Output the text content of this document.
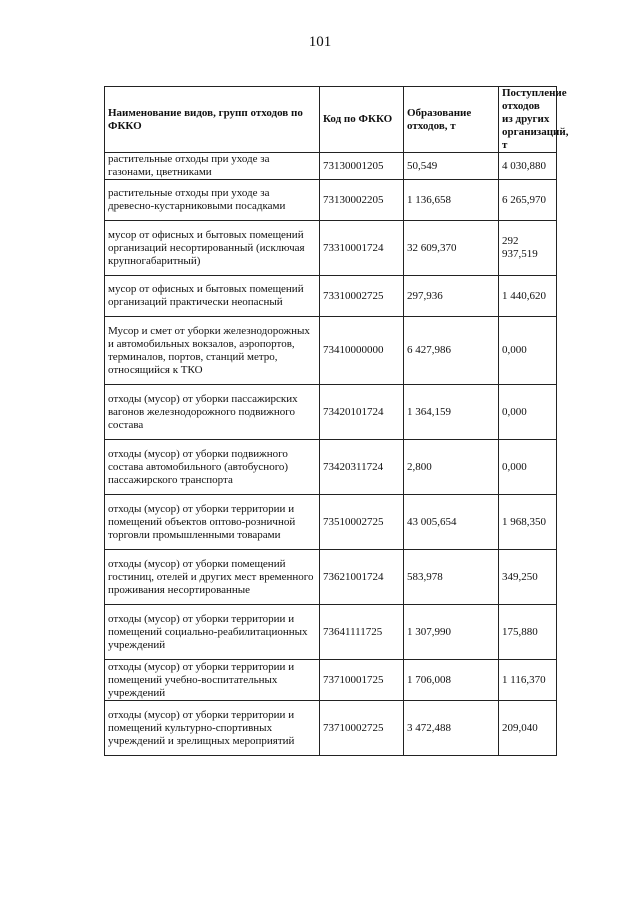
101
Наименование видов, групп отходов по ФККО	Код по ФККО	Образование отходов, т	Поступление отходов из других организаций, т
растительные отходы при уходе за газонами, цветниками	73130001205	50,549	4 030,880
растительные отходы при уходе за древесно-кустарниковыми посадками	73130002205	1 136,658	6 265,970
мусор от офисных и бытовых помещений организаций несортированный (исключая крупногабаритный)	73310001724	32 609,370	292 937,519
мусор от офисных и бытовых помещений организаций практически неопасный	73310002725	297,936	1 440,620
Мусор и смет от уборки железнодорожных и автомобильных вокзалов, аэропортов, терминалов, портов, станций метро, относящийся к ТКО	73410000000	6 427,986	0,000
отходы (мусор) от уборки пассажирских вагонов железнодорожного подвижного состава	73420101724	1 364,159	0,000
отходы (мусор) от уборки подвижного состава автомобильного (автобусного) пассажирского транспорта	73420311724	2,800	0,000
отходы (мусор) от уборки территории и помещений объектов оптово-розничной торговли промышленными товарами	73510002725	43 005,654	1 968,350
отходы (мусор) от уборки помещений гостиниц, отелей и других мест временного проживания несортированные	73621001724	583,978	349,250
отходы (мусор) от уборки территории и помещений социально-реабилитационных учреждений	73641111725	1 307,990	175,880
отходы (мусор) от уборки территории и помещений учебно-воспитательных учреждений	73710001725	1 706,008	1 116,370
отходы (мусор) от уборки территории и помещений культурно-спортивных учреждений и зрелищных мероприятий	73710002725	3 472,488	209,040
